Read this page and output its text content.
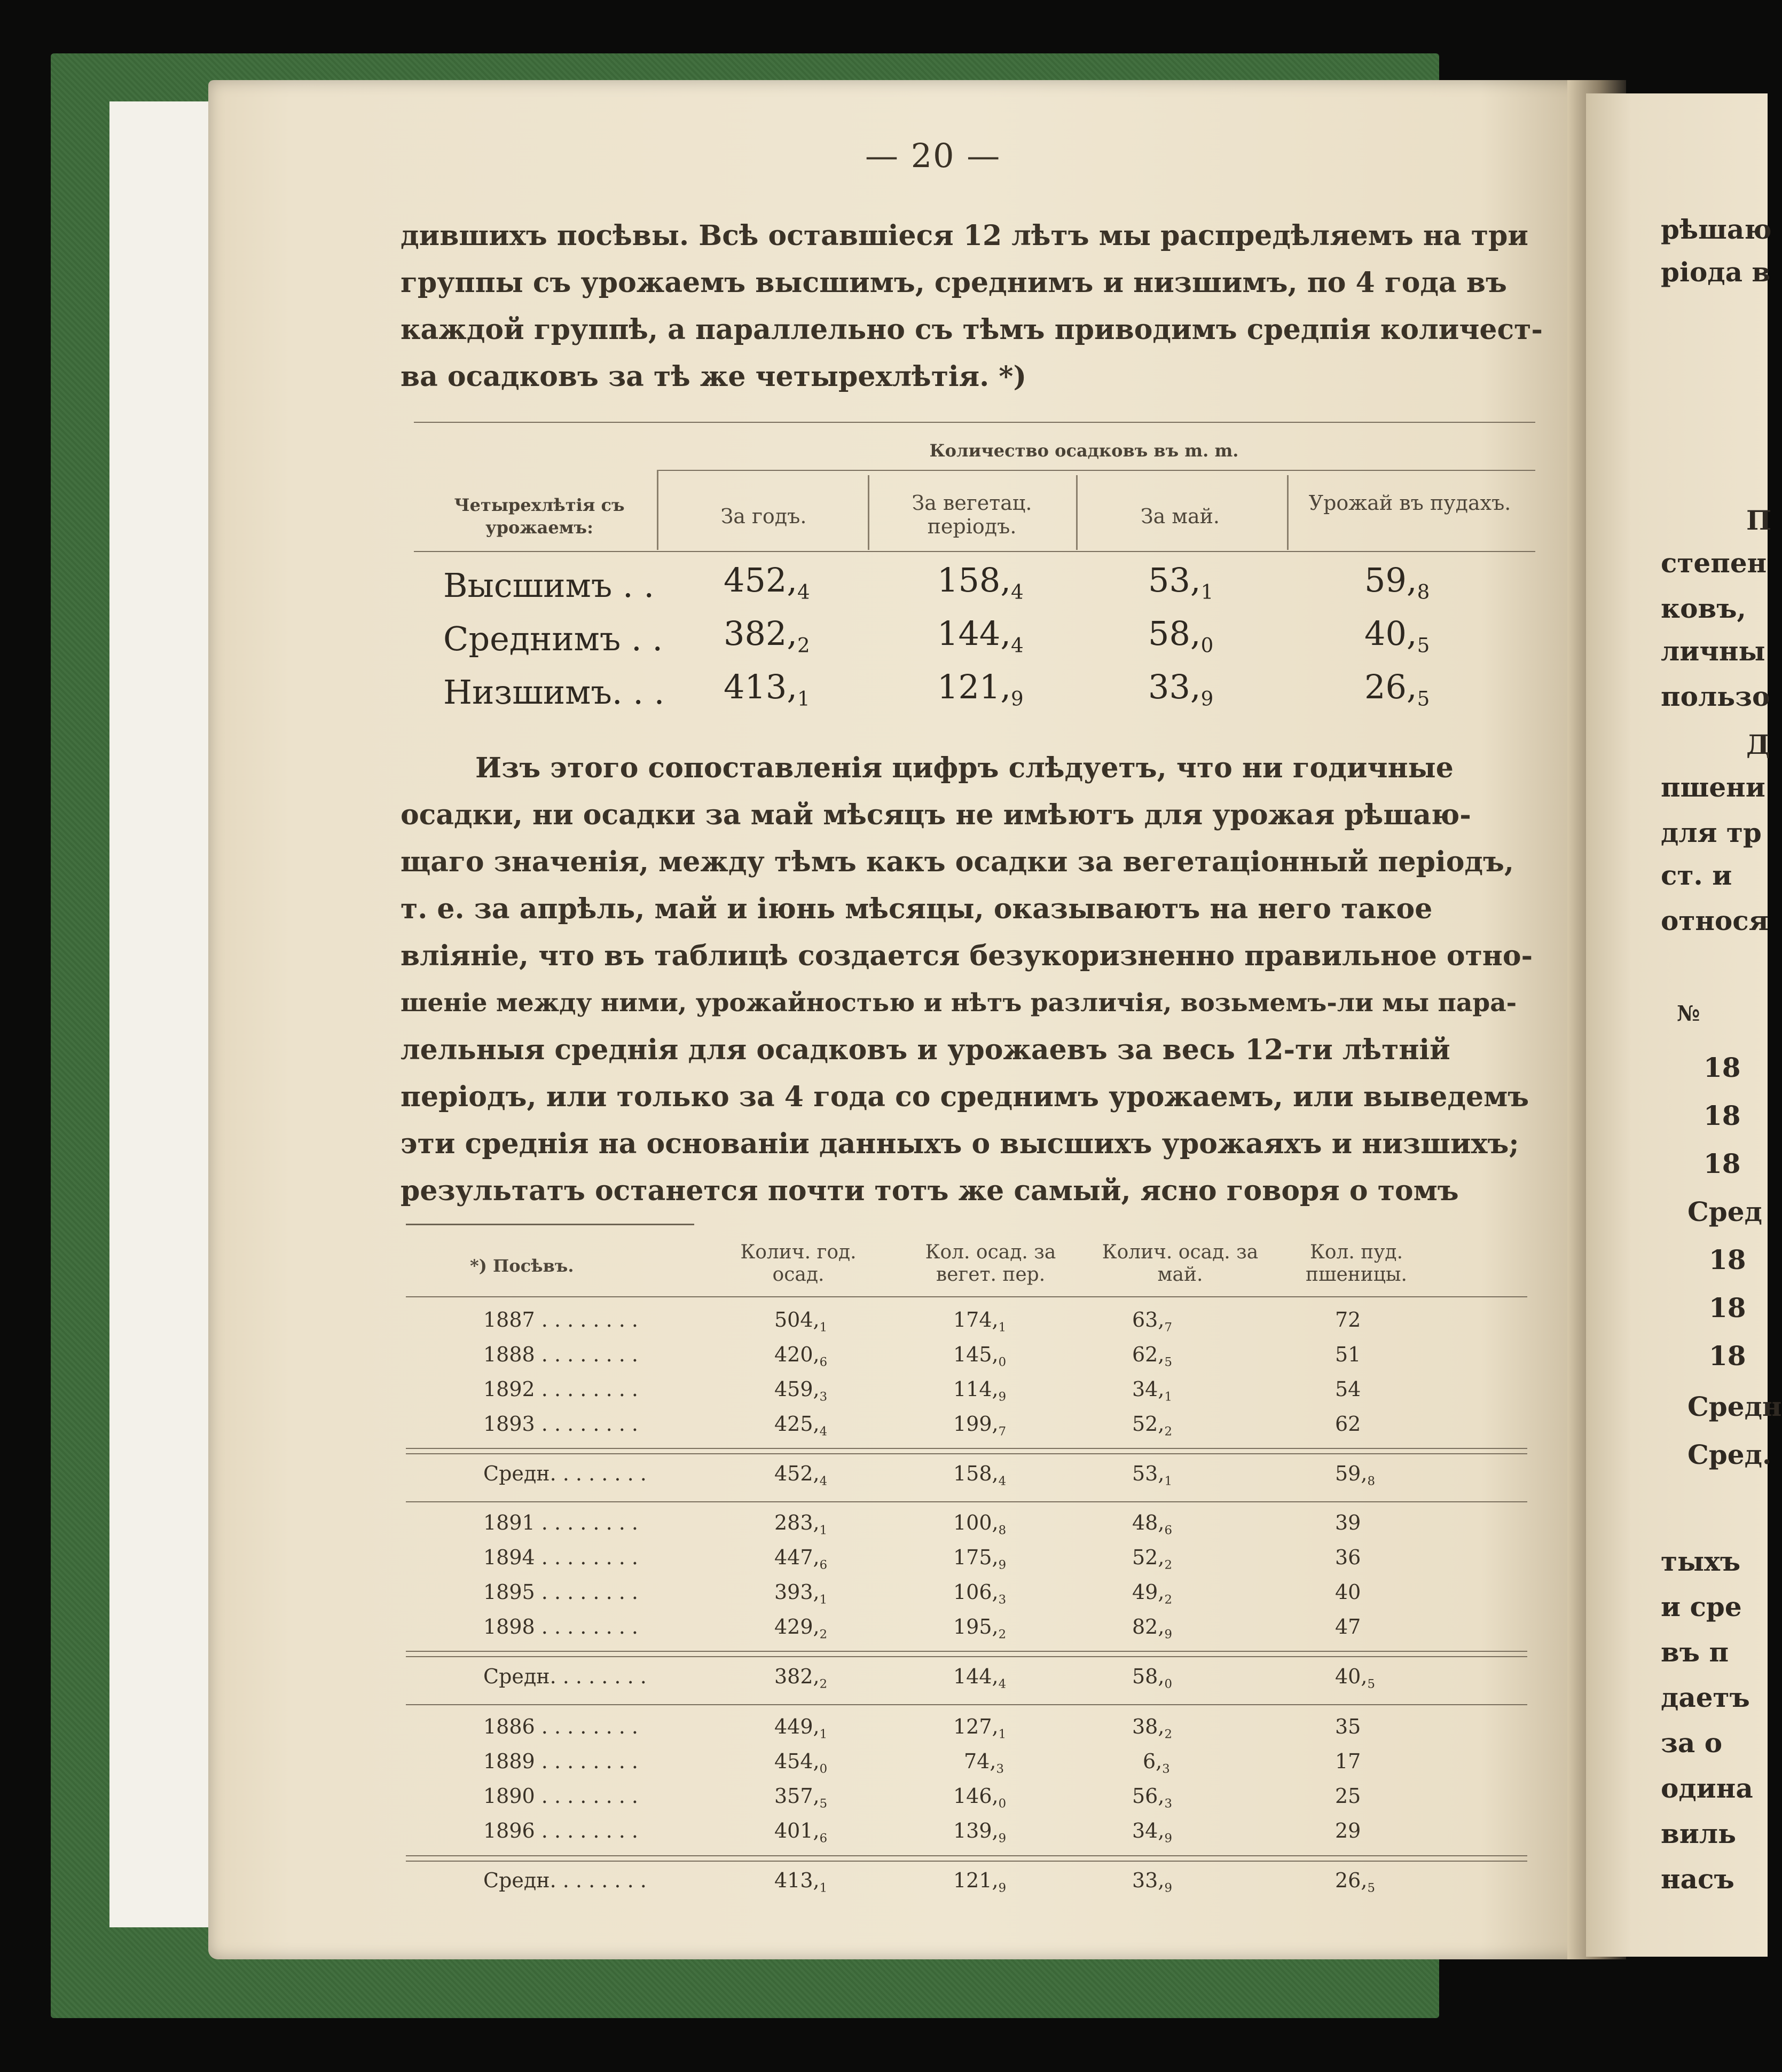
рѣшаю
ріода в
П
степен
ковъ,
личны
пользо
Д
пшени
для тр
ст. и
относя
№
18
18
18
Сред
18
18
18
Средн
Сред.
тыхъ
и сре
въ п
даетъ
за о
одина
виль
насъ
— 20 —
дившихъ посѣвы. Всѣ оставшіеся 12 лѣтъ мы распредѣляемъ на три
группы съ урожаемъ высшимъ, среднимъ и низшимъ, по 4 года въ
каждой группѣ, а параллельно съ тѣмъ приводимъ средпія количест-
ва осадковъ за тѣ же четырехлѣтія. *)
Количество осадковъ въ m. m.
Четырехлѣтія съ урожаемъ:	За годъ.
За вегетац. періодъ.	За май.
Урожай въ пудахъ.
Высшимъ . . $452,_4$	$158,_4$	$53,_1$	$59,_8$
Среднимъ . . $382,_2$	$144,_4$	$58,_0$	$40,_5$
Низшимъ. . . $413,_1$	$121,_9$	$33,_9$	$26,_5$
Изъ этого сопоставленія цифръ слѣдуетъ, что ни годичные
осадки, ни осадки за май мѣсяцъ не имѣютъ для урожая рѣшаю-
щаго значенія, между тѣмъ какъ осадки за вегетаціонный періодъ,
т. е. за апрѣль, май и іюнь мѣсяцы, оказываютъ на него такое
вліяніе, что въ таблицѣ создается безукоризненно правильное отно-
шеніе между ними, урожайностью и нѣтъ различія, возьмемъ-ли мы пара-
лельныя среднія для осадковъ и урожаевъ за весь 12-ти лѣтній
періодъ, или только за 4 года со среднимъ урожаемъ, или выведемъ
эти среднія на основаніи данныхъ о высшихъ урожаяхъ и низшихъ;
результатъ останется почти тотъ же самый, ясно говоря о томъ
*) Посѣвъ.
Колич. год. осад.
Кол. осад. за вегет. пер.
Колич. осад. за май.
Кол. пуд. пшеницы.
1887 . . . . . . . .	$504,_1$	$174,_1$	$63,_7$	72
1888 . . . . . . . .	$420,_6$	$145,_0$	$62,_5$	51
1892 . . . . . . . .	$459,_3$	$114,_9$	$34,_1$	54
1893 . . . . . . . .	$425,_4$	$199,_7$	$52,_2$	62
Средн. . . . . . . .	$452,_4$	$158,_4$	$53,_1$	$59,_8$
1891 . . . . . . . .	$283,_1$	$100,_8$	$48,_6$	39
1894 . . . . . . . .	$447,_6$	$175,_9$	$52,_2$	36
1895 . . . . . . . .	$393,_1$	$106,_3$	$49,_2$	40
1898 . . . . . . . .	$429,_2$	$195,_2$	$82,_9$	47
Средн. . . . . . . .	$382,_2$	$144,_4$	$58,_0$	$40,_5$
1886 . . . . . . . .	$449,_1$	$127,_1$	$38,_2$	35
1889 . . . . . . . .	$454,_0$	$74,_3$	$6,_3$	17
1890 . . . . . . . .	$357,_5$	$146,_0$	$56,_3$	25
1896 . . . . . . . .	$401,_6$	$139,_9$	$34,_9$	29
Средн. . . . . . . .	$413,_1$	$121,_9$	$33,_9$	$26,_5$
